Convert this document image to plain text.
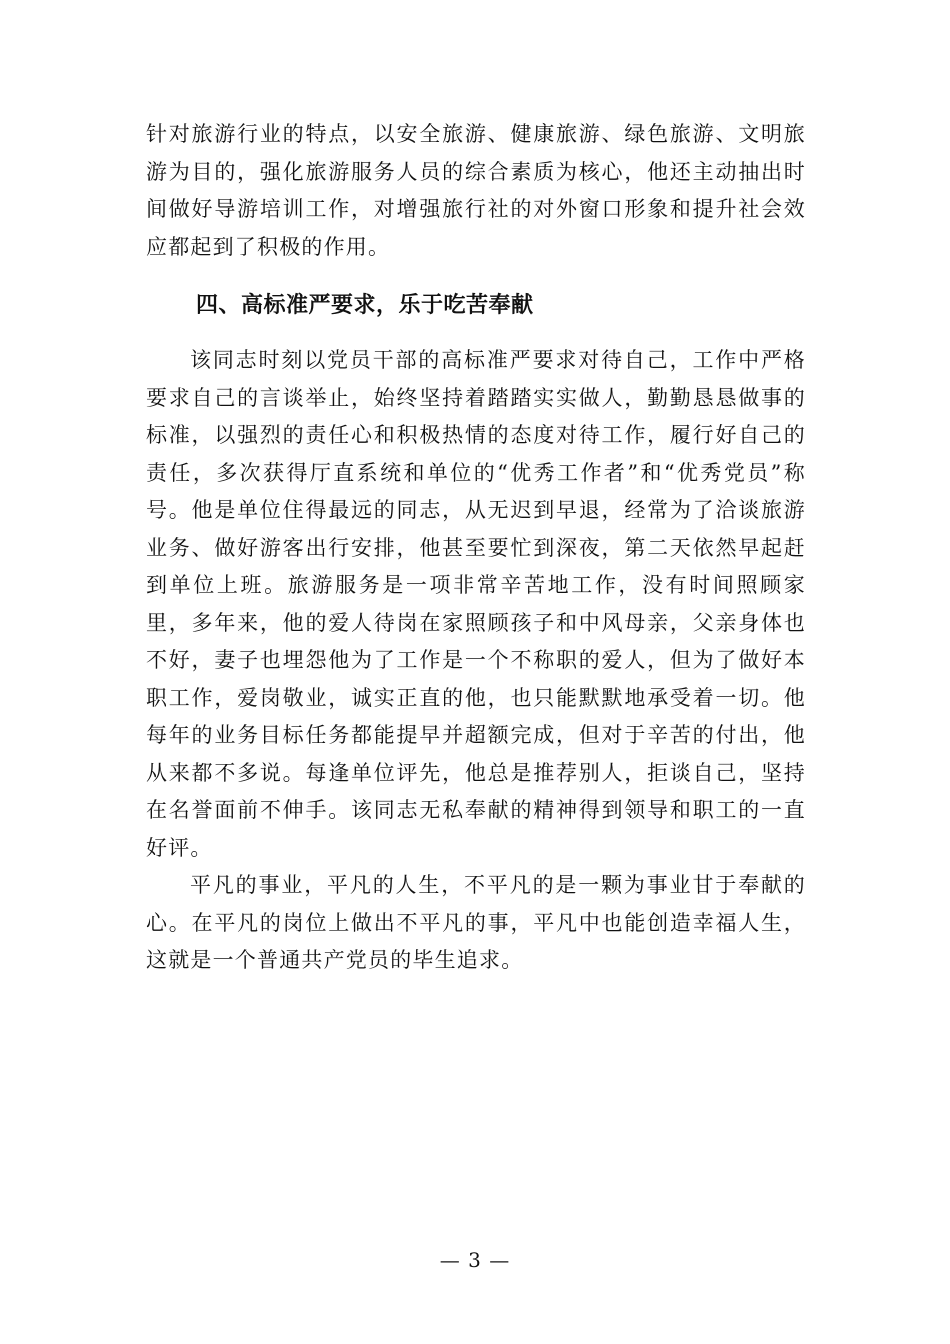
针对旅游行业的特点，以安全旅游、健康旅游、绿色旅游、文明旅游为目的，强化旅游服务人员的综合素质为核心，他还主动抽出时间做好导游培训工作，对增强旅行社的对外窗口形象和提升社会效应都起到了积极的作用。

四、高标准严要求，乐于吃苦奉献

该同志时刻以党员干部的高标准严要求对待自己，工作中严格要求自己的言谈举止，始终坚持着踏踏实实做人，勤勤恳恳做事的标准，以强烈的责任心和积极热情的态度对待工作，履行好自己的责任，多次获得厅直系统和单位的“优秀工作者”和“优秀党员”称号。他是单位住得最远的同志，从无迟到早退，经常为了洽谈旅游业务、做好游客出行安排，他甚至要忙到深夜，第二天依然早起赶到单位上班。旅游服务是一项非常辛苦地工作，没有时间照顾家里，多年来，他的爱人待岗在家照顾孩子和中风母亲，父亲身体也不好，妻子也埋怨他为了工作是一个不称职的爱人，但为了做好本职工作，爱岗敬业，诚实正直的他，也只能默默地承受着一切。他每年的业务目标任务都能提早并超额完成，但对于辛苦的付出，他从来都不多说。每逢单位评先，他总是推荐别人，拒谈自己，坚持在名誉面前不伸手。该同志无私奉献的精神得到领导和职工的一直好评。

平凡的事业，平凡的人生，不平凡的是一颗为事业甘于奉献的心。在平凡的岗位上做出不平凡的事，平凡中也能创造幸福人生，这就是一个普通共产党员的毕生追求。

— 3 —
